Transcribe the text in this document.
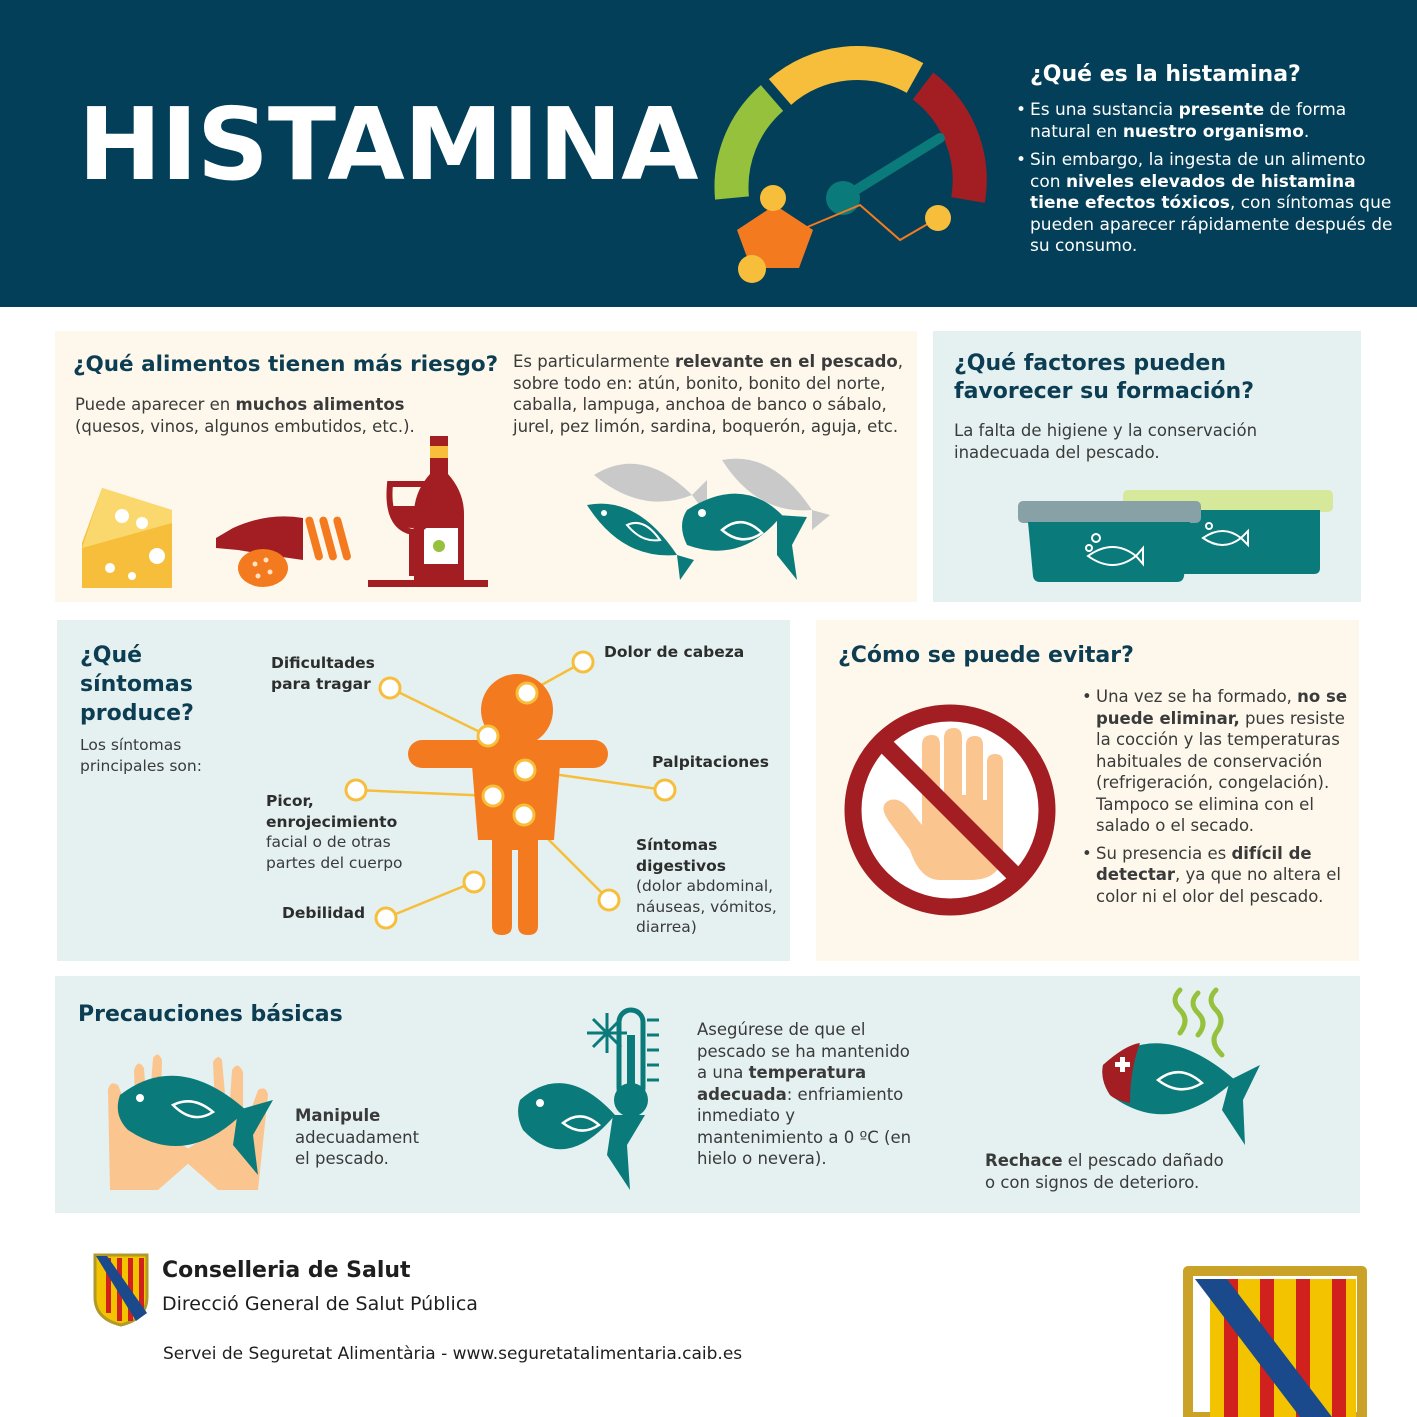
HISTAMINA
¿Qué es la histamina?
• Es una sustancia presente de forma natural en nuestro organismo.
• Sin embargo, la ingesta de un alimento con niveles elevados de histamina tiene efectos tóxicos, con síntomas que pueden aparecer rápidamente después de su consumo.
¿Qué alimentos tienen más riesgo?
Puede aparecer en muchos alimentos (quesos, vinos, algunos embutidos, etc.).
Es particularmente relevante en el pescado, sobre todo en: atún, bonito, bonito del norte, caballa, lampuga, anchoa de banco o sábalo, jurel, pez limón, sardina, boquerón, aguja, etc.
¿Qué factores pueden favorecer su formación?
La falta de higiene y la conservación inadecuada del pescado.
¿Qué síntomas produce?
Los síntomas principales son:
Dolor de cabeza
Dificultades para tragar
Palpitaciones
Picor, enrojecimiento
facial o de otras partes del cuerpo
Síntomas digestivos
(dolor abdominal, náuseas, vómitos, diarrea)
Debilidad
¿Cómo se puede evitar?
• Una vez se ha formado, no se puede eliminar, pues resiste la cocción y las temperaturas habituales de conservación (refrigeración, congelación). Tampoco se elimina con el salado o el secado.
• Su presencia es difícil de detectar, ya que no altera el color ni el olor del pescado.
Precauciones básicas
Manipule adecuadament el pescado.
Asegúrese de que el pescado se ha mantenido a una temperatura adecuada: enfriamiento inmediato y mantenimiento a 0 ºC (en hielo o nevera).	Rechace el pescado dañado o con signos de deterioro.
Conselleria de Salut
Direcció General de Salut Pública
Servei de Seguretat Alimentària - www.seguretatalimentaria.caib.es
